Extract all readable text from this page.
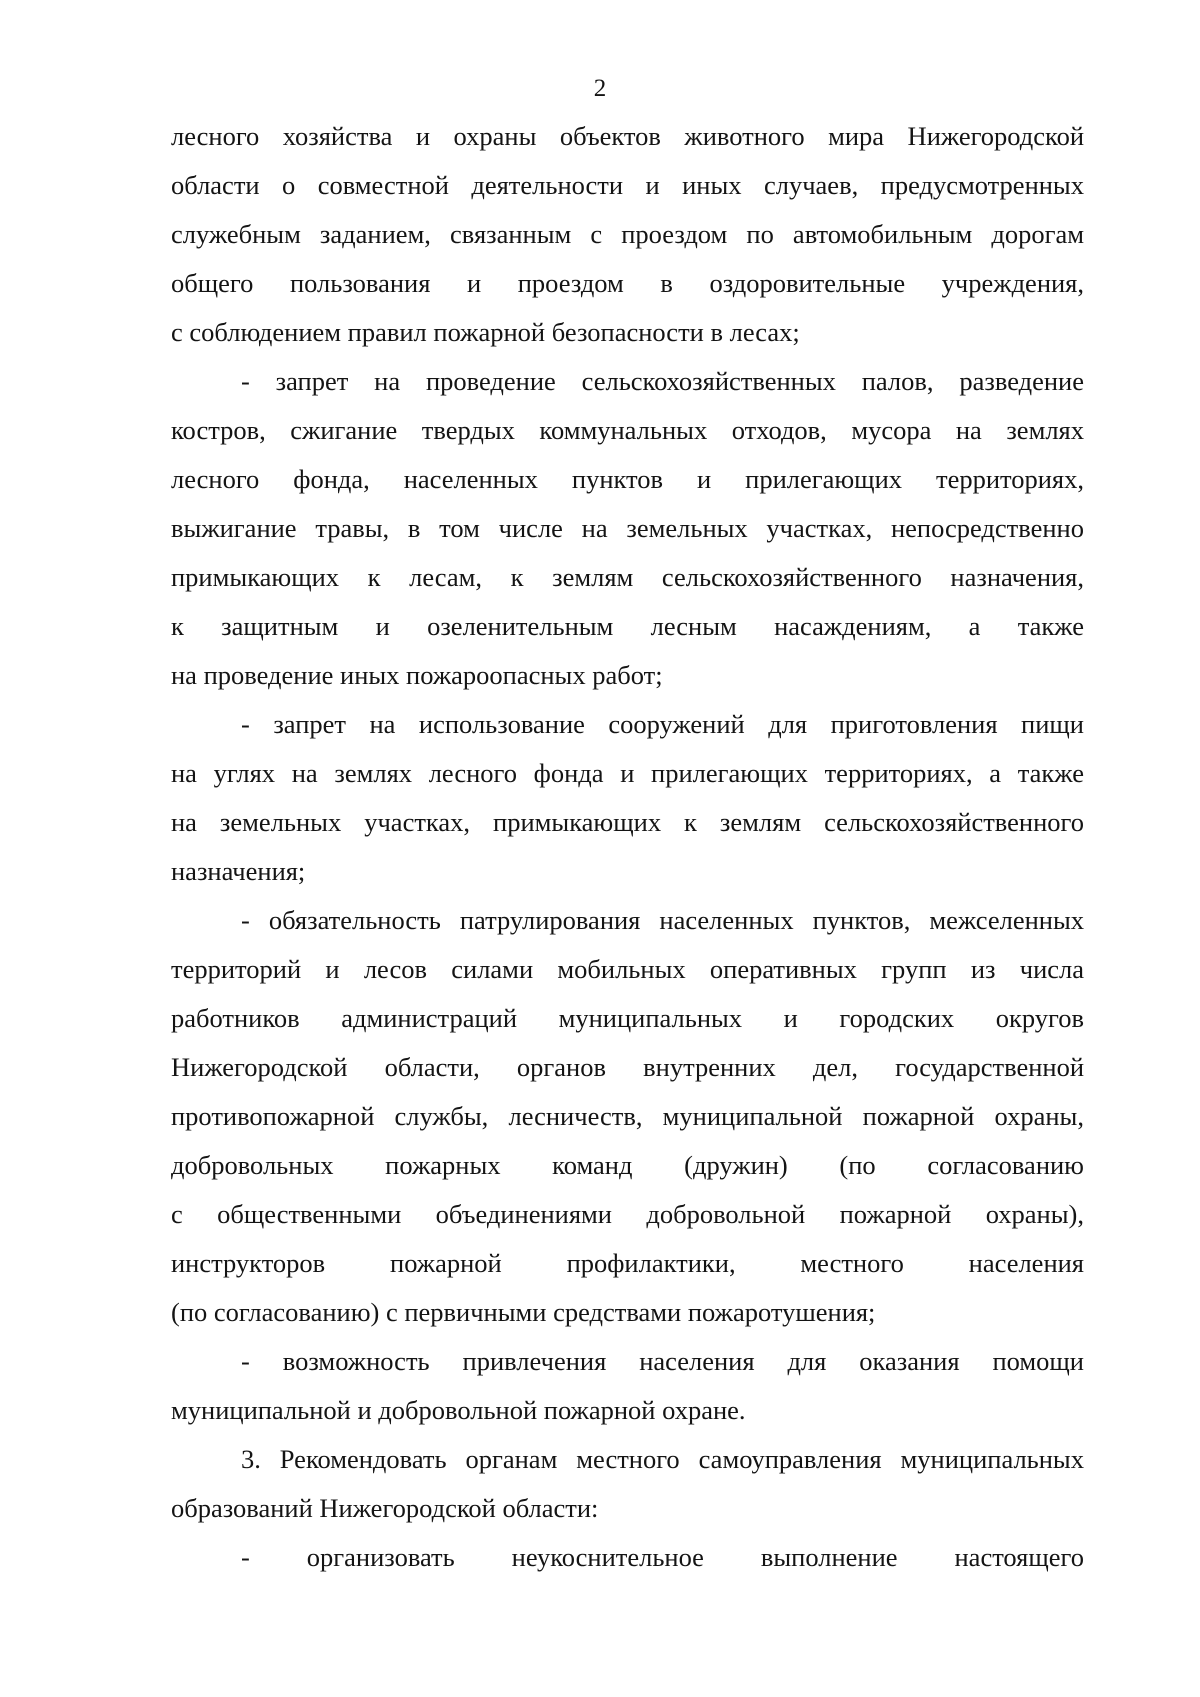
2
лесного хозяйства и охраны объектов животного мира Нижегородской
области о совместной деятельности и иных случаев, предусмотренных
служебным заданием, связанным с проездом по автомобильным дорогам
общего пользования и проездом в оздоровительные учреждения,
с соблюдением правил пожарной безопасности в лесах;
- запрет на проведение сельскохозяйственных палов, разведение
костров, сжигание твердых коммунальных отходов, мусора на землях
лесного фонда, населенных пунктов и прилегающих территориях,
выжигание травы, в том числе на земельных участках, непосредственно
примыкающих к лесам, к землям сельскохозяйственного назначения,
к защитным и озеленительным лесным насаждениям, а также
на проведение иных пожароопасных работ;
- запрет на использование сооружений для приготовления пищи
на углях на землях лесного фонда и прилегающих территориях, а также
на земельных участках, примыкающих к землям сельскохозяйственного
назначения;
- обязательность патрулирования населенных пунктов, межселенных
территорий и лесов силами мобильных оперативных групп из числа
работников администраций муниципальных и городских округов
Нижегородской области, органов внутренних дел, государственной
противопожарной службы, лесничеств, муниципальной пожарной охраны,
добровольных пожарных команд (дружин) (по согласованию
с общественными объединениями добровольной пожарной охраны),
инструкторов пожарной профилактики, местного населения
(по согласованию) с первичными средствами пожаротушения;
- возможность привлечения населения для оказания помощи
муниципальной и добровольной пожарной охране.
3. Рекомендовать органам местного самоуправления муниципальных
образований Нижегородской области:
- организовать неукоснительное выполнение настоящего
